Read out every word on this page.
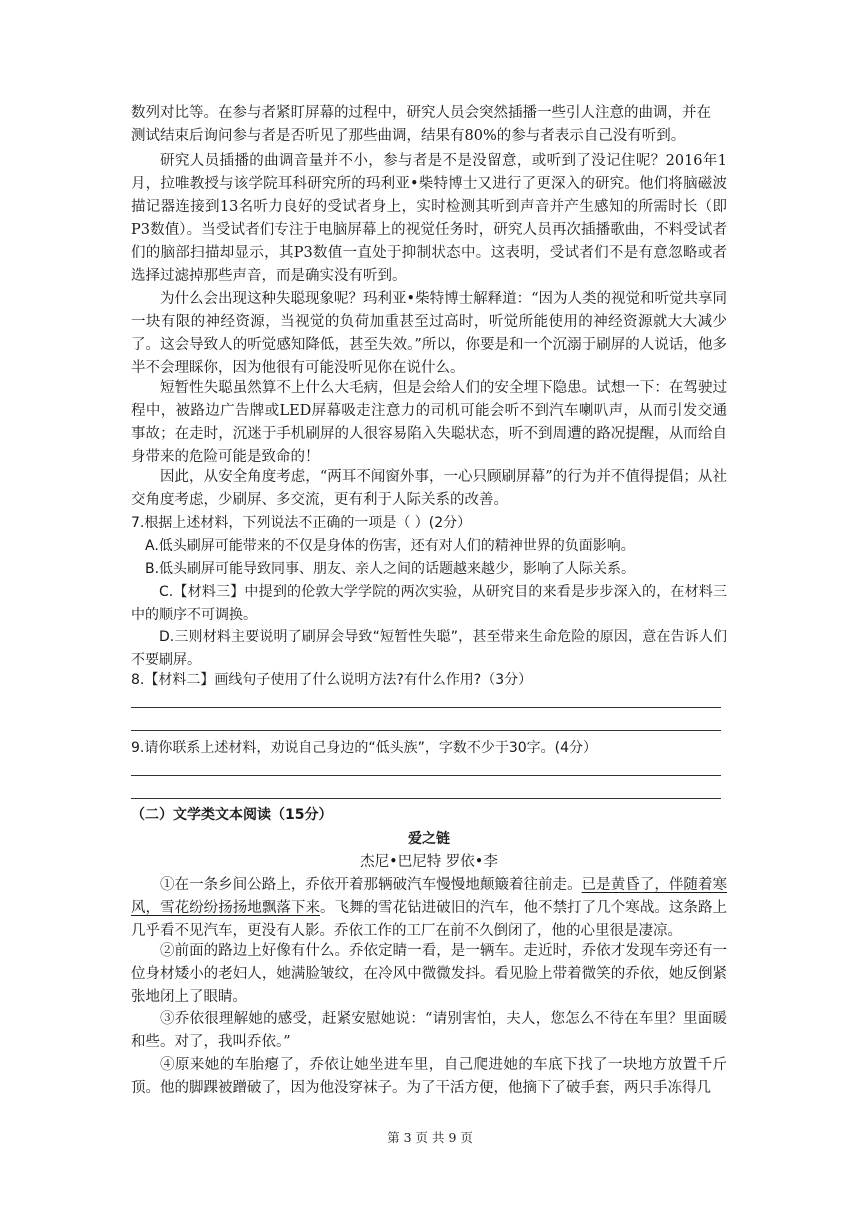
数列对比等。在参与者紧盯屏幕的过程中，研究人员会突然插播一些引人注意的曲调，并在

测试结束后询问参与者是否听见了那些曲调，结果有80%的参与者表示自己没有听到。

研究人员插播的曲调音量并不小，参与者是不是没留意，或听到了没记住呢？2016年1月，拉唯教授与该学院耳科研究所的玛利亚•柴特博士又进行了更深入的研究。他们将脑磁波描记器连接到13名听力良好的受试者身上，实时检测其听到声音并产生感知的所需时长（即P3数值）。当受试者们专注于电脑屏幕上的视觉任务时，研究人员再次插播歌曲，不料受试者们的脑部扫描却显示，其P3数值一直处于抑制状态中。这表明，受试者们不是有意忽略或者选择过滤掉那些声音，而是确实没有听到。

为什么会出现这种失聪现象呢？玛利亚•柴特博士解释道：“因为人类的视觉和听觉共享同一块有限的神经资源，当视觉的负荷加重甚至过高时，听觉所能使用的神经资源就大大减少了。这会导致人的听觉感知降低，甚至失效。”所以，你要是和一个沉溺于刷屏的人说话，他多半不会理睬你，因为他很有可能没听见你在说什么。

短暂性失聪虽然算不上什么大毛病，但是会给人们的安全埋下隐患。试想一下：在驾驶过程中，被路边广告牌或LED屏幕吸走注意力的司机可能会听不到汽车喇叭声，从而引发交通事故；在走时，沉迷于手机刷屏的人很容易陷入失聪状态，听不到周遭的路况提醒，从而给自身带来的危险可能是致命的！

因此，从安全角度考虑，“两耳不闻窗外事，一心只顾刷屏幕”的行为并不值得提倡；从社交角度考虑，少刷屏、多交流，更有利于人际关系的改善。

7.根据上述材料，下列说法不正确的一项是（ ）(2分）

A.低头刷屏可能带来的不仅是身体的伤害，还有对人们的精神世界的负面影响。

B.低头刷屏可能导致同事、朋友、亲人之间的话题越来越少，影响了人际关系。

C.【材料三】中提到的伦敦大学学院的两次实验，从研究目的来看是步步深入的，在材料三中的顺序不可调换。

D.三则材料主要说明了刷屏会导致“短暂性失聪”，甚至带来生命危险的原因，意在告诉人们不要刷屏。

8.【材料二】画线句子使用了什么说明方法?有什么作用?（3分）

9.请你联系上述材料，劝说自己身边的“低头族”，字数不少于30字。(4分）

（二）文学类文本阅读（15分）

爱之链

杰尼•巴尼特 罗依•李

①在一条乡间公路上，乔依开着那辆破汽车慢慢地颠簸着往前走。已是黄昏了，伴随着寒风，雪花纷纷扬扬地飘落下来。飞舞的雪花钻进破旧的汽车，他不禁打了几个寒战。这条路上几乎看不见汽车，更没有人影。乔依工作的工厂在前不久倒闭了，他的心里很是凄凉。

②前面的路边上好像有什么。乔依定睛一看，是一辆车。走近时，乔依才发现车旁还有一位身材矮小的老妇人，她满脸皱纹，在冷风中微微发抖。看见脸上带着微笑的乔依，她反倒紧张地闭上了眼睛。

③乔依很理解她的感受，赶紧安慰她说：“请别害怕，夫人，您怎么不待在车里？里面暖和些。对了，我叫乔依。”

④原来她的车胎瘪了，乔依让她坐进车里，自己爬进她的车底下找了一块地方放置千斤顶。他的脚踝被蹭破了，因为他没穿袜子。为了干活方便，他摘下了破手套，两只手冻得几

第 3 页 共 9 页
